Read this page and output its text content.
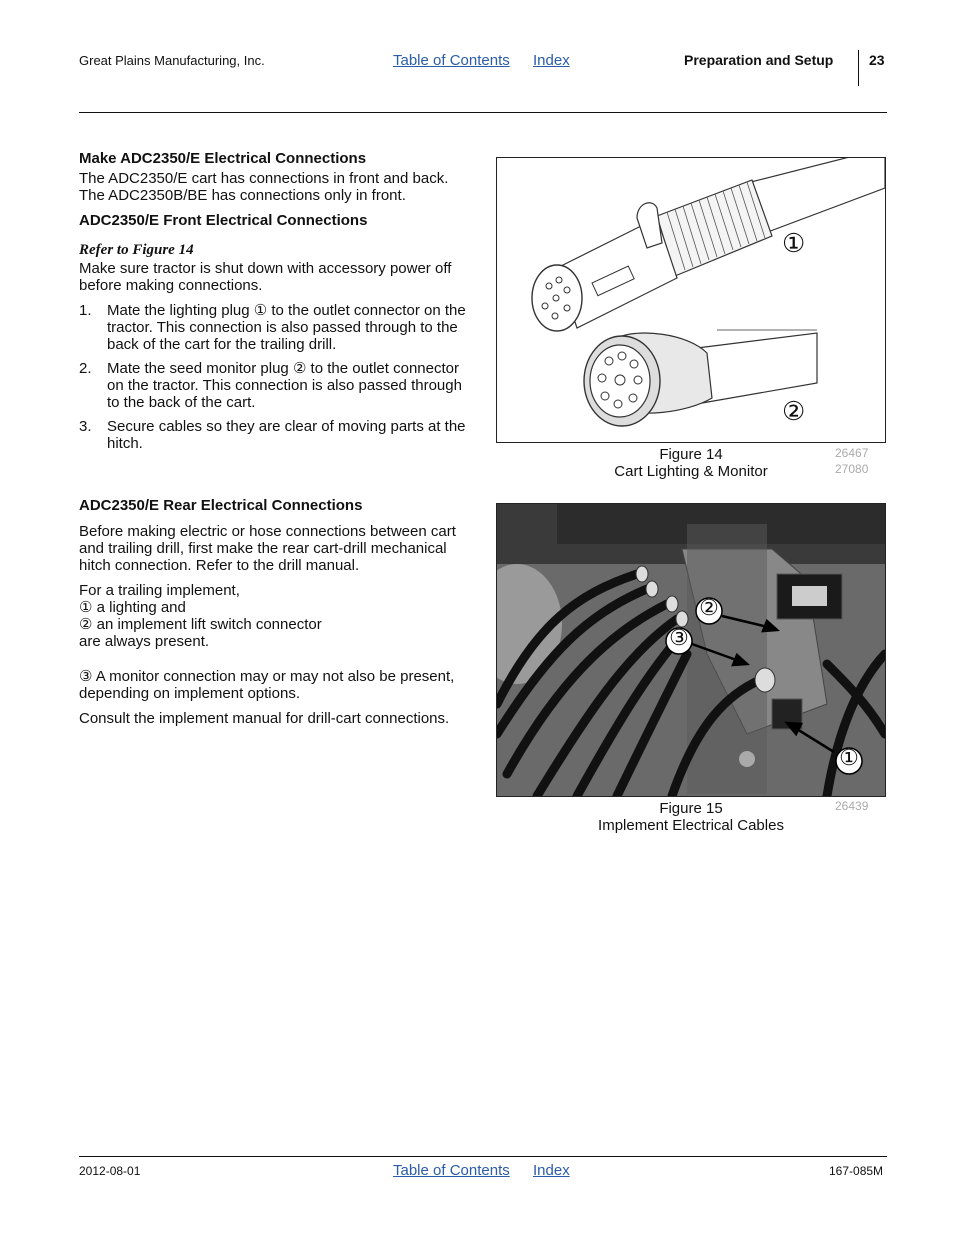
Great Plains Manufacturing, Inc.	Table of Contents Index	Preparation and Setup	23
Make ADC2350/E Electrical Connections

The ADC2350/E cart has connections in front and back.

The ADC2350B/BE has connections only in front.

ADC2350/E Front Electrical Connections

Refer to Figure 14

Make sure tractor is shut down with accessory power off before making connections.

1. Mate the lighting plug ① to the outlet connector on the tractor. This connection is also passed through to the back of the cart for the trailing drill.
2. Mate the seed monitor plug ② to the outlet connector on the tractor. This connection is also passed through to the back of the cart.
3. Secure cables so they are clear of moving parts at the hitch.
ADC2350/E Rear Electrical Connections

Before making electric or hose connections between cart and trailing drill, first make the rear cart-drill mechanical hitch connection. Refer to the drill manual.

For a trailing implement,

① a lighting and

② an implement lift switch connector

are always present.

③ A monitor connection may or may not also be present, depending on implement options.

Consult the implement manual for drill-cart connections.

①
②
Figure 14
Cart Lighting & Monitor
26467
27080
②
③
①
Figure 15
Implement Electrical Cables
26439
2012-08-01	Table of Contents Index	167-085M
